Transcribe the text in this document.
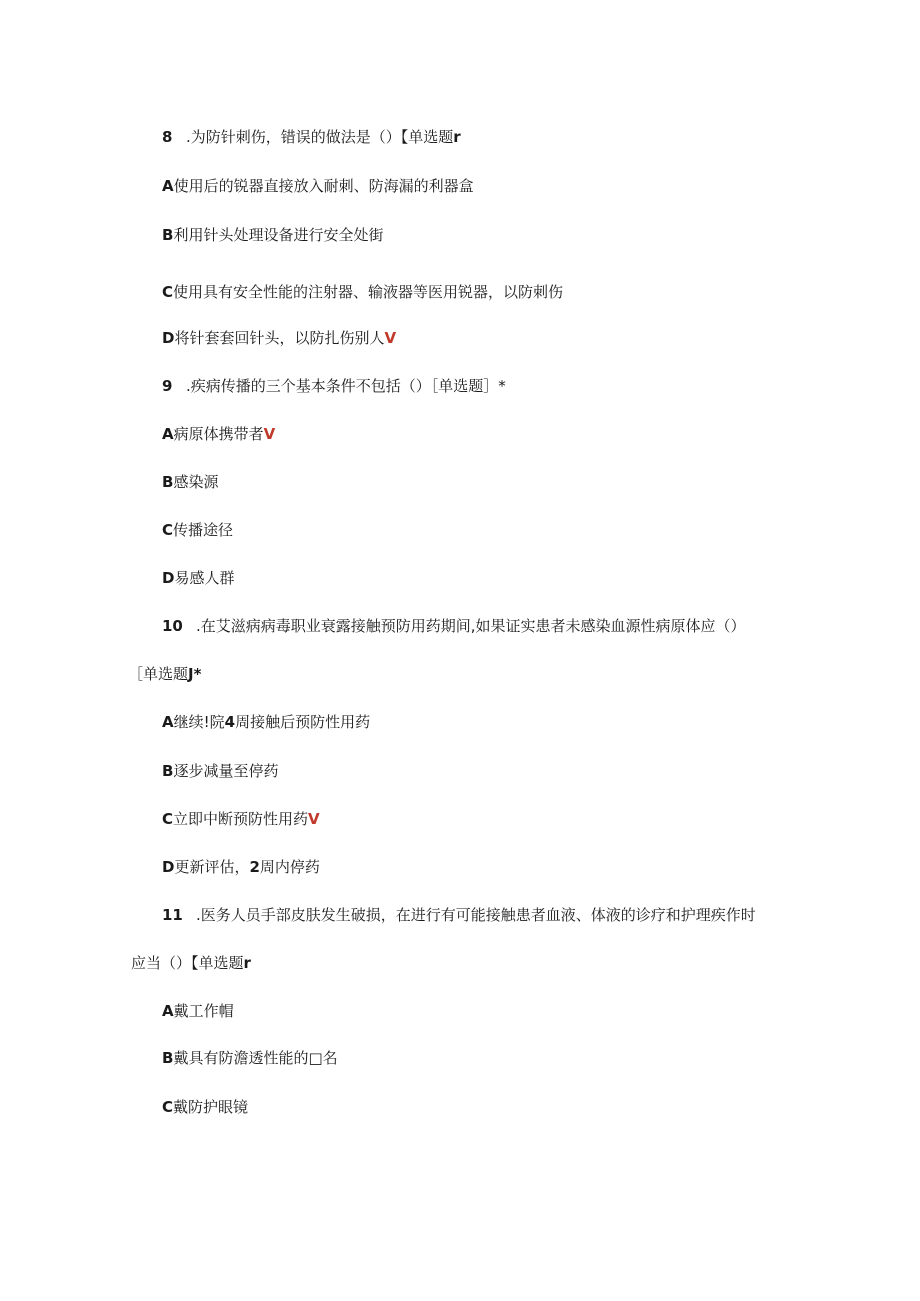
8 .为防针刺伤，错误的做法是（）【单选题r
A使用后的锐器直接放入耐刺、防海漏的利器盒
B利用针头处理设备进行安全处街
C使用具有安全性能的注射器、输液器等医用锐器，以防刺伤
D将针套套回针头，以防扎伤别人V
9 .疾病传播的三个基本条件不包括（）［单选题］*
A病原体携带者V
B感染源
C传播途径
D易感人群
10 .在艾滋病病毒职业衰露接触预防用药期间,如果证实患者未感染血源性病原体应（）
［单选题J*
A继续!院4周接触后预防性用药
B逐步减量至停药
C立即中断预防性用药V
D更新评估，2周内停药
11 .医务人员手部皮肤发生破损，在进行有可能接触患者血液、体液的诊疗和护理疾作时
应当（）【单选题r
A戴工作帽
B戴具有防澹透性能的□名
C戴防护眼镜
